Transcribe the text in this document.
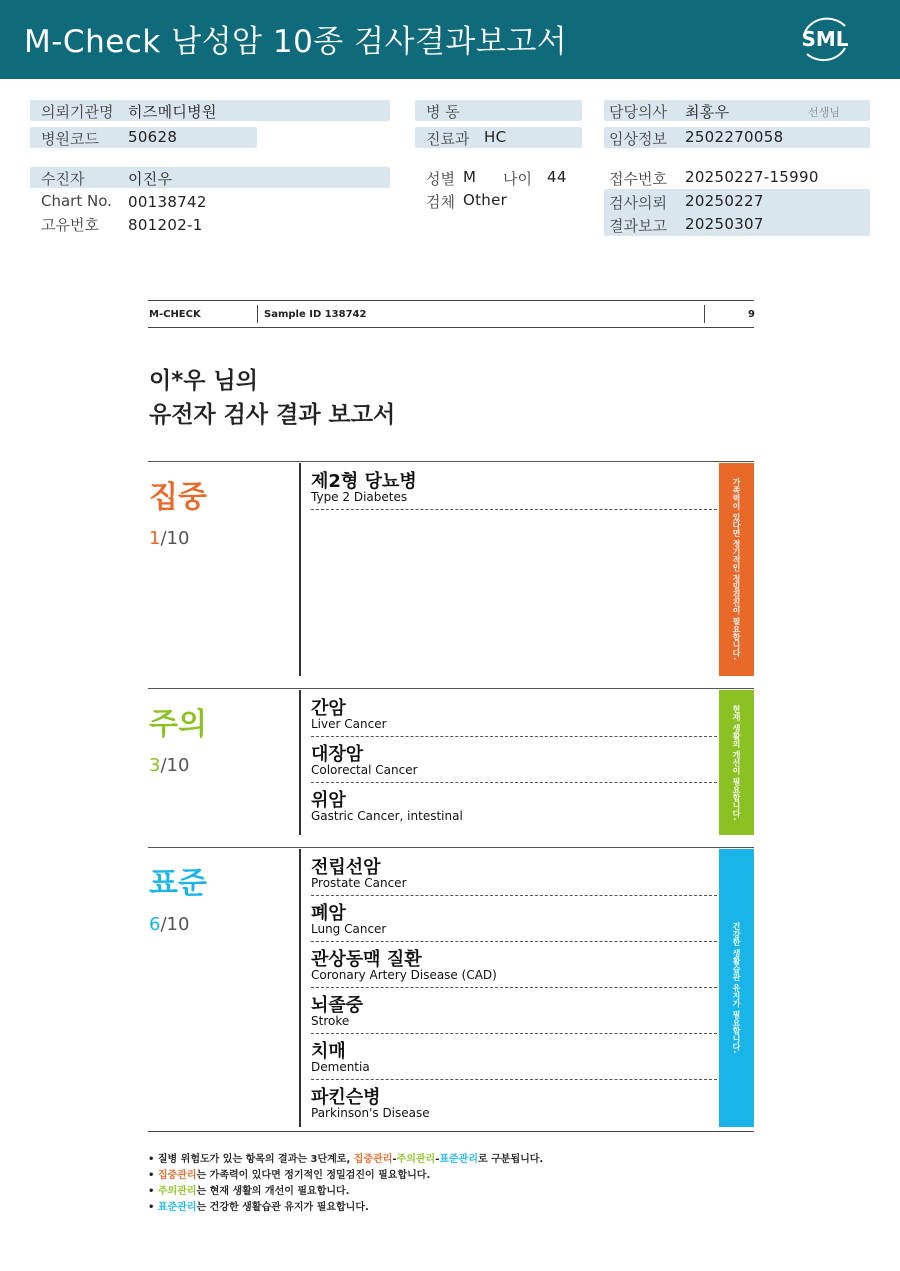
M-Check 남성암 10종 검사결과보고서	SML
의뢰기관명 히즈메디병원
병원코드 50628
수진자	이진우
Chart No. 00138742
고유번호 801202-1
병 동
진료과 HC
성별 M 나이 44
검체 Other
담당의사 최홍우	선생님
임상정보 2502270058
접수번호 20250227-15990
검사의뢰 20250227
결과보고 20250307
M-CHECK	Sample ID 138742	9
이*우 님의
유전자 검사 결과 보고서
집중
1/10	가족력이 있다면 정기적인 정밀검진이 필요합니다.
제2형 당뇨병
Type 2 Diabetes
주의
3/10	현재 생활의 개선이 필요합니다.
간암
Liver Cancer
대장암
Colorectal Cancer
위암
Gastric Cancer, intestinal
표준
6/10	건강한 생활습관 유지가 필요합니다.
전립선암
Prostate Cancer
폐암
Lung Cancer
관상동맥 질환
Coronary Artery Disease (CAD)
뇌졸중
Stroke
치매
Dementia
파킨슨병
Parkinson's Disease
• 질병 위험도가 있는 항목의 결과는 3단계로, 집중관리-주의관리-표준관리로 구분됩니다.
• 집중관리는 가족력이 있다면 정기적인 정밀검진이 필요합니다.
• 주의관리는 현재 생활의 개선이 필요합니다.
• 표준관리는 건강한 생활습관 유지가 필요합니다.
